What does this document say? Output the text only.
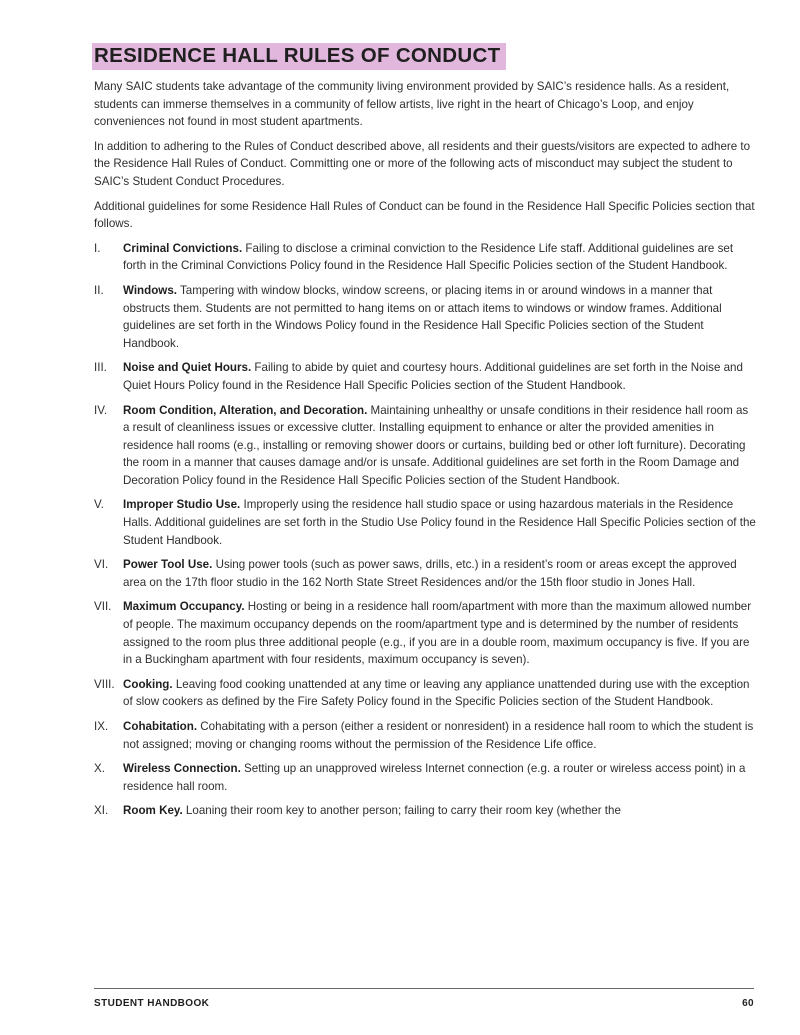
RESIDENCE HALL RULES OF CONDUCT

Many SAIC students take advantage of the community living environment provided by SAIC’s residence halls. As a resident, students can immerse themselves in a community of fellow artists, live right in the heart of Chicago’s Loop, and enjoy conveniences not found in most student apartments.

In addition to adhering to the Rules of Conduct described above, all residents and their guests/visitors are expected to adhere to the Residence Hall Rules of Conduct. Committing one or more of the following acts of misconduct may subject the student to SAIC’s Student Conduct Procedures.

Additional guidelines for some Residence Hall Rules of Conduct can be found in the Residence Hall Specific Policies section that follows.

I. Criminal Convictions. Failing to disclose a criminal conviction to the Residence Life staff. Additional guidelines are set forth in the Criminal Convictions Policy found in the Residence Hall Specific Policies section of the Student Handbook.
II. Windows. Tampering with window blocks, window screens, or placing items in or around windows in a manner that obstructs them. Students are not permitted to hang items on or attach items to windows or window frames. Additional guidelines are set forth in the Windows Policy found in the Residence Hall Specific Policies section of the Student Handbook.
III. Noise and Quiet Hours. Failing to abide by quiet and courtesy hours. Additional guidelines are set forth in the Noise and Quiet Hours Policy found in the Residence Hall Specific Policies section of the Student Handbook.
IV. Room Condition, Alteration, and Decoration. Maintaining unhealthy or unsafe conditions in their residence hall room as a result of cleanliness issues or excessive clutter. Installing equipment to enhance or alter the provided amenities in residence hall rooms (e.g., installing or removing shower doors or curtains, building bed or other loft furniture). Decorating the room in a manner that causes damage and/or is unsafe. Additional guidelines are set forth in the Room Damage and Decoration Policy found in the Residence Hall Specific Policies section of the Student Handbook.
V. Improper Studio Use. Improperly using the residence hall studio space or using hazardous materials in the Residence Halls. Additional guidelines are set forth in the Studio Use Policy found in the Residence Hall Specific Policies section of the Student Handbook.
VI. Power Tool Use. Using power tools (such as power saws, drills, etc.) in a resident’s room or areas except the approved area on the 17th floor studio in the 162 North State Street Residences and/or the 15th floor studio in Jones Hall.
VII. Maximum Occupancy. Hosting or being in a residence hall room/apartment with more than the maximum allowed number of people. The maximum occupancy depends on the room/apartment type and is determined by the number of residents assigned to the room plus three additional people (e.g., if you are in a double room, maximum occupancy is five. If you are in a Buckingham apartment with four residents, maximum occupancy is seven).
VIII. Cooking. Leaving food cooking unattended at any time or leaving any appliance unattended during use with the exception of slow cookers as defined by the Fire Safety Policy found in the Specific Policies section of the Student Handbook.
IX. Cohabitation. Cohabitating with a person (either a resident or nonresident) in a residence hall room to which the student is not assigned; moving or changing rooms without the permission of the Residence Life office.
X. Wireless Connection. Setting up an unapproved wireless Internet connection (e.g. a router or wireless access point) in a residence hall room.
XI. Room Key. Loaning their room key to another person; failing to carry their room key (whether the
STUDENT HANDBOOK	60
